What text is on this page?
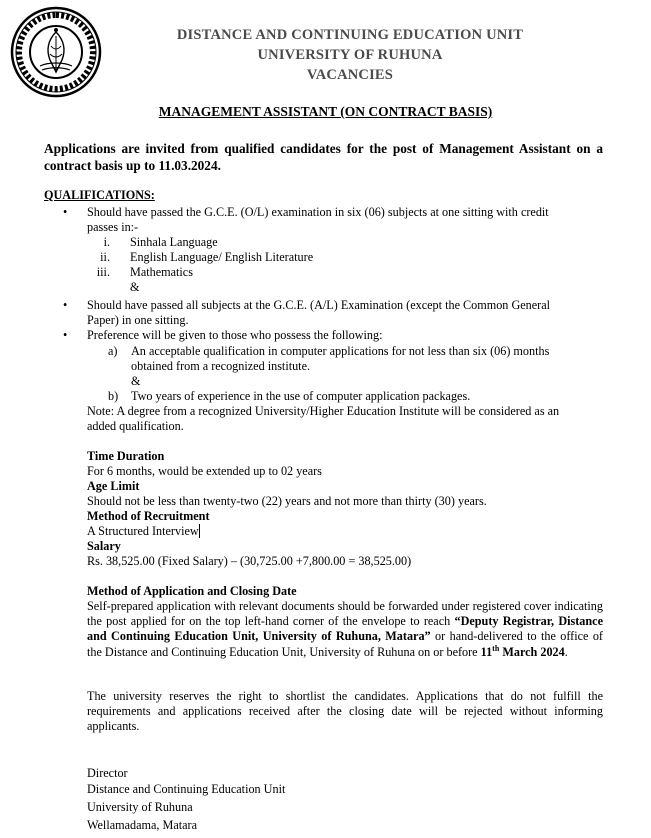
DISTANCE AND CONTINUING EDUCATION UNIT
UNIVERSITY OF RUHUNA
VACANCIES
MANAGEMENT ASSISTANT (ON CONTRACT BASIS)
Applications are invited from qualified candidates for the post of Management Assistant on a contract basis up to 11.03.2024.
QUALIFICATIONS:
• Should have passed the G.C.E. (O/L) examination in six (06) subjects at one sitting with credit
passes in:-
i. Sinhala Language
ii. English Language/ English Literature
iii. Mathematics
&
• Should have passed all subjects at the G.C.E. (A/L) Examination (except the Common General
Paper) in one sitting.
• Preference will be given to those who possess the following:
a) An acceptable qualification in computer applications for not less than six (06) months
obtained from a recognized institute.
&
b) Two years of experience in the use of computer application packages.
Note: A degree from a recognized University/Higher Education Institute will be considered as an
added qualification.
Time Duration
For 6 months, would be extended up to 02 years
Age Limit
Should not be less than twenty-two (22) years and not more than thirty (30) years.
Method of Recruitment
A Structured Interview
Salary
Rs. 38,525.00 (Fixed Salary) – (30,725.00 +7,800.00 = 38,525.00)
Method of Application and Closing Date
Self-prepared application with relevant documents should be forwarded under registered cover indicating the post applied for on the top left-hand corner of the envelope to reach “Deputy Registrar, Distance and Continuing Education Unit, University of Ruhuna, Matara” or hand-delivered to the office of the Distance and Continuing Education Unit, University of Ruhuna on or before 11th March 2024.
The university reserves the right to shortlist the candidates. Applications that do not fulfill the requirements and applications received after the closing date will be rejected without informing applicants.
Director
Distance and Continuing Education Unit
University of Ruhuna
Wellamadama, Matara
